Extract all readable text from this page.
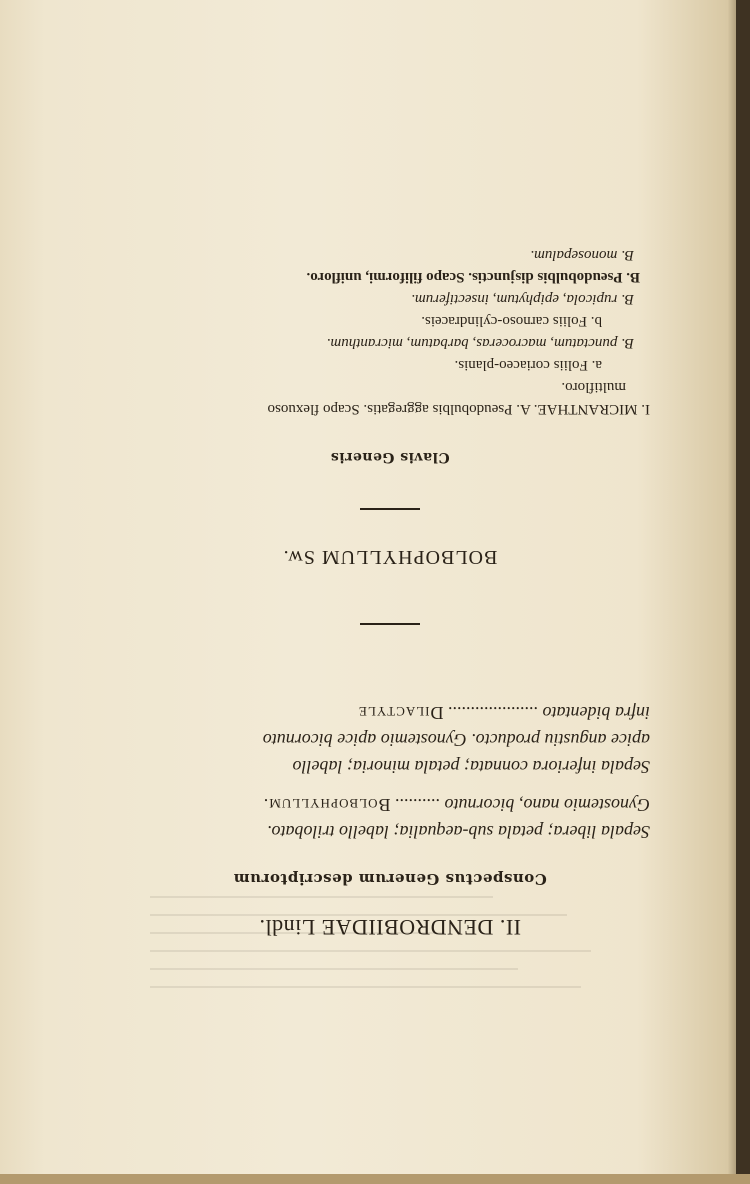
II. DENDROBIIDAE Lindl.
Conspectus Generum descriptorum
Sepala libera; petala sub-aequalia; labello trilobato.
Gynostemio nano, bicornuto .......... Bolbophyllum.
Sepala inferiora connata; petala minoria; labello
apice angustiu producto. Gynostemio apice bicornuto
infra bidentato .................... Dilactyle
BOLBOPHYLLUM Sw.
Clavis Generis
I. MICRANTHAE. A. Pseudobulbis aggregatis. Scapo flexuoso
multifloro.
a. Foliis coriaceo-planis.
B. punctatum, macroceras, barbatum, micranthum.
b. Foliis carnoso-cylindraceis.
B. rupicola, epiphytum, insectiferum.
B. Pseudobulbis disjunctis. Scapo filiformi, unifloro.
B. monosepalum.
